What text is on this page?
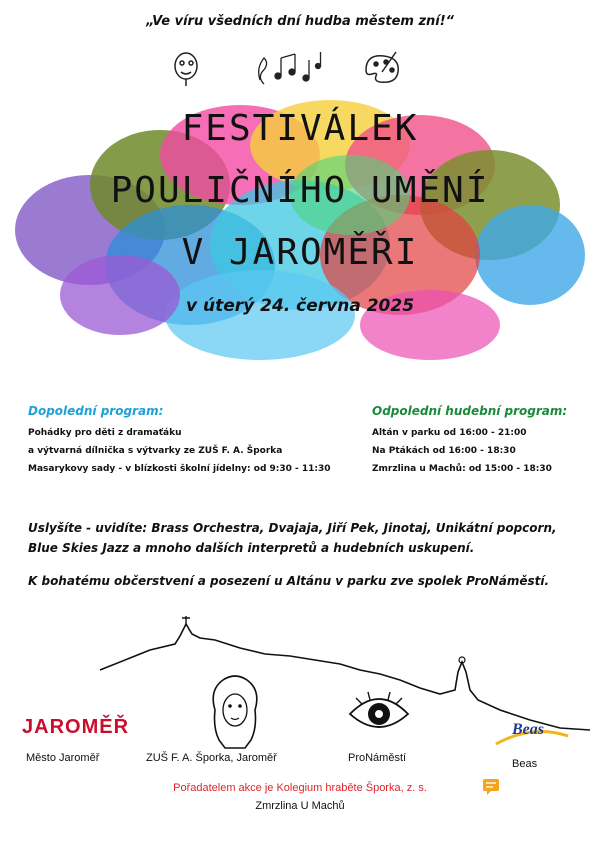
„Ve víru všedních dní hudba městem zní!“
FESTIVÁLEK
POULIČNÍHO UMĚNÍ
V JAROMĚŘI
v úterý 24. června 2025
Dopolední program:
Pohádky pro děti z dramaťáku
a výtvarná dílnička s výtvarky ze ZUŠ F. A. Šporka
Masarykovy sady - v blízkosti školní jídelny: od 9:30 - 11:30
Odpolední hudební program:
Altán v parku od 16:00 - 21:00
Na Ptákách od 16:00 - 18:30
Zmrzlina u Machů: od 15:00 - 18:30
Uslyšíte - uvidíte: Brass Orchestra, Dvajaja, Jiří Pek, Jinotaj, Unikátní popcorn, Blue Skies Jazz a mnoho dalších interpretů a hudebních uskupení.
K bohatému občerstvení a posezení u Altánu v parku zve spolek ProNáměstí.
JAROMĚŘ
Město Jaroměř	ZUŠ F. A. Šporka, Jaroměř	ProNáměstí
Beas
Beas
Pořadatelem akce je Kolegium hraběte Šporka, z. s.
Zmrzlina U Machů
